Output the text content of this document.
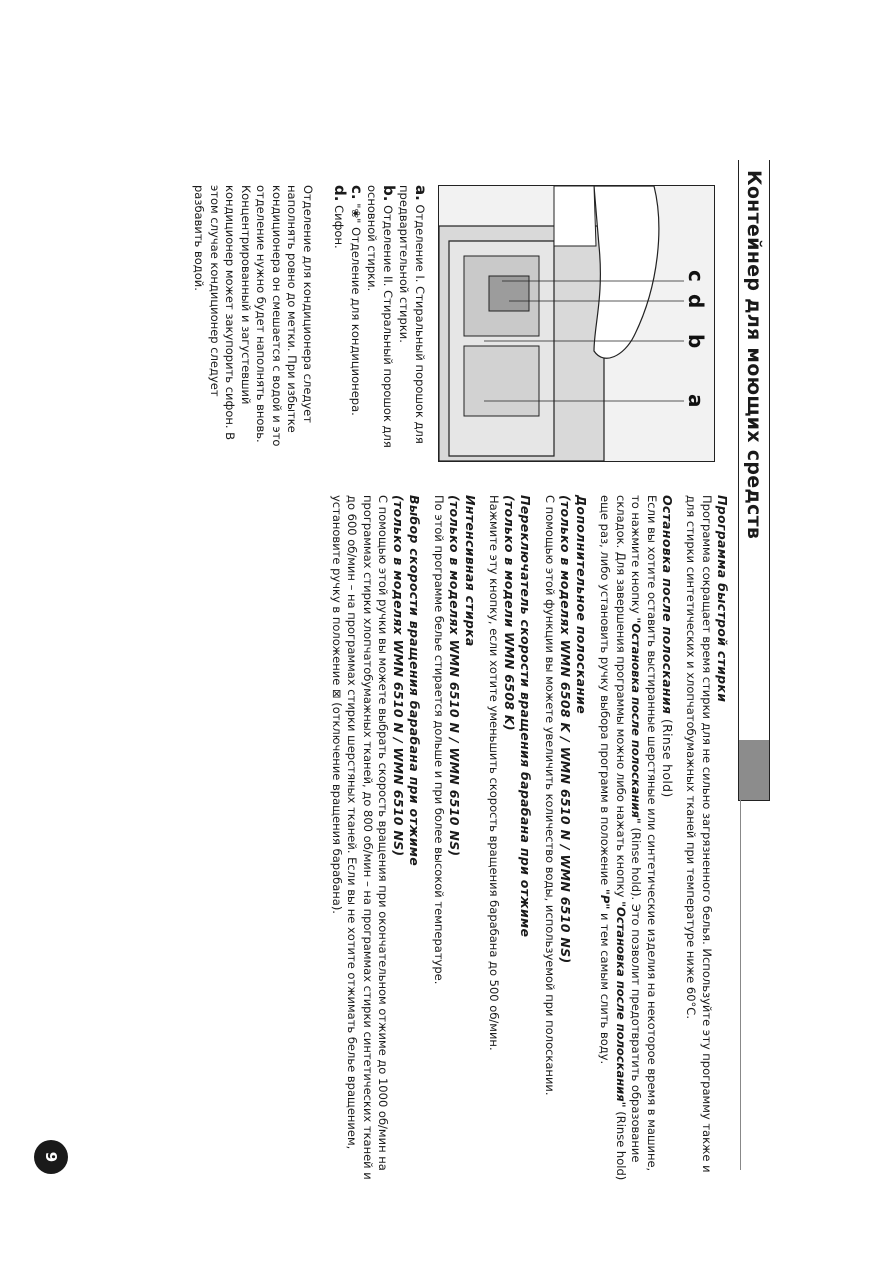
Контейнер для моющих средств
c
d
b
a

a. Отделение I. Стиральный порошок для предварительной стирки.

b. Отделение II. Стиральный порошок для основной стирки.

c. "❀" Отделение для кондиционера.

d. Сифон.

Отделение для кондиционера следует наполнять ровно до метки. При избытке кондиционера он смешается с водой и это отделение нужно будет наполнять вновь. Концентрированный и загустевший кондиционер может закупорить сифон. В этом случае кондиционер следует разбавить водой.

Программа быстрой стирки

Программа сокращает время стирки для не сильно загрязненного белья. Используйте эту программу также и для стирки синтетических и хлопчатобумажных тканей при температуре ниже 60°C.

Остановка после полоскания (Rinse hold)

Если вы хотите оставить выстиранные шерстяные или синтетические изделия на некоторое время в машине, то нажмите кнопку "Остановка после полоскания" (Rinse hold). Это позволит предотвратить образование складок. Для завершения программы можно либо нажать кнопку "Остановка после полоскания" (Rinse hold) еще раз, либо установить ручку выбора программ в положение "P" и тем самым слить воду.

Дополнительное полоскание
(только в моделях WMN 6508 K / WMN 6510 N / WMN 6510 NS)

С помощью этой функции вы можете увеличить количество воды, используемой при полоскании.

Переключатель скорости вращения барабана при отжиме
(только в модели WMN 6508 K)

Нажмите эту кнопку, если хотите уменьшить скорость вращения барабана до 500 об/мин.

Интенсивная стирка
(только в моделях WMN 6510 N / WMN 6510 NS)

По этой программе белье стирается дольше и при более высокой температуре.

Выбор скорости вращения барабана при отжиме
(только в моделях WMN 6510 N / WMN 6510 NS)

С помощью этой ручки вы можете выбрать скорость вращения при окончательном отжиме до 1000 об/мин на программах стирки хлопчатобумажных тканей, до 800 об/мин – на программах стирки синтетических тканей и до 600 об/мин – на программах стирки шерстяных тканей. Если вы не хотите отжимать белье вращением, установите ручку в положение ⊠ (отключение вращения барабана).

9
